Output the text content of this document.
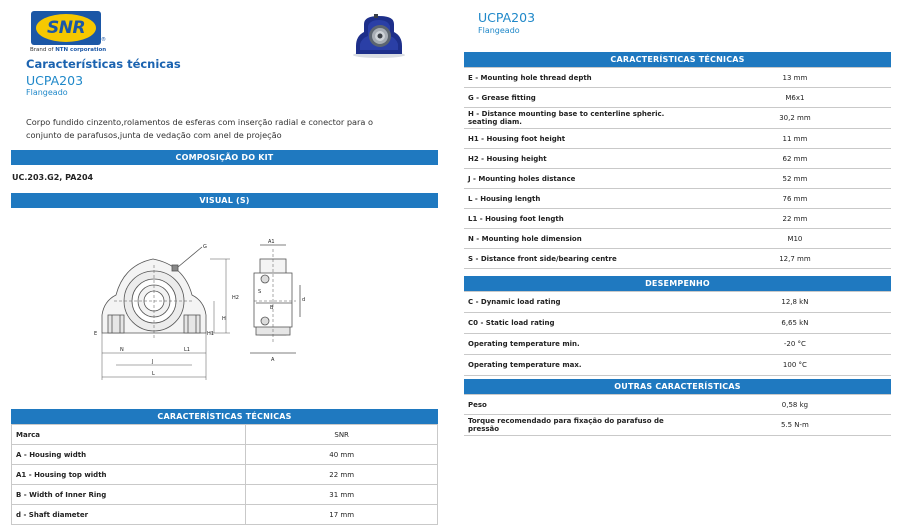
SNR
®
Brand of NTN corporation
Características técnicas
UCPA203
Flangeado
Corpo fundido cinzento,rolamentos de esferas com inserção radial e conector para o conjunto de parafusos,junta de vedação com anel de projeção
COMPOSIÇÃO DO KIT
UC.203.G2, PA204
VISUAL (S)
G
E
N	L1
J
L
H2
H
H1
A1
S
B
d
A
CARACTERÍSTICAS TÉCNICAS
Marca	SNR
A - Housing width	40 mm
A1 - Housing top width	22 mm
B - Width of Inner Ring	31 mm
d - Shaft diameter	17 mm
UCPA203
Flangeado
CARACTERÍSTICAS TÉCNICAS
E - Mounting hole thread depth	13 mm
G - Grease fitting	M6x1
H - Distance mounting base to centerline spheric. seating diam.	30,2 mm
H1 - Housing foot height	11 mm
H2 - Housing height	62 mm
J - Mounting holes distance	52 mm
L - Housing length	76 mm
L1 - Housing foot length	22 mm
N - Mounting hole dimension	M10
S - Distance front side/bearing centre	12,7 mm
DESEMPENHO
C - Dynamic load rating	12,8 kN
C0 - Static load rating	6,65 kN
Operating temperature min.	-20 °C
Operating temperature max.	100 °C
OUTRAS CARACTERÍSTICAS
Peso	0,58 kg
Torque recomendado para fixação do parafuso de pressão	5.5 N-m
